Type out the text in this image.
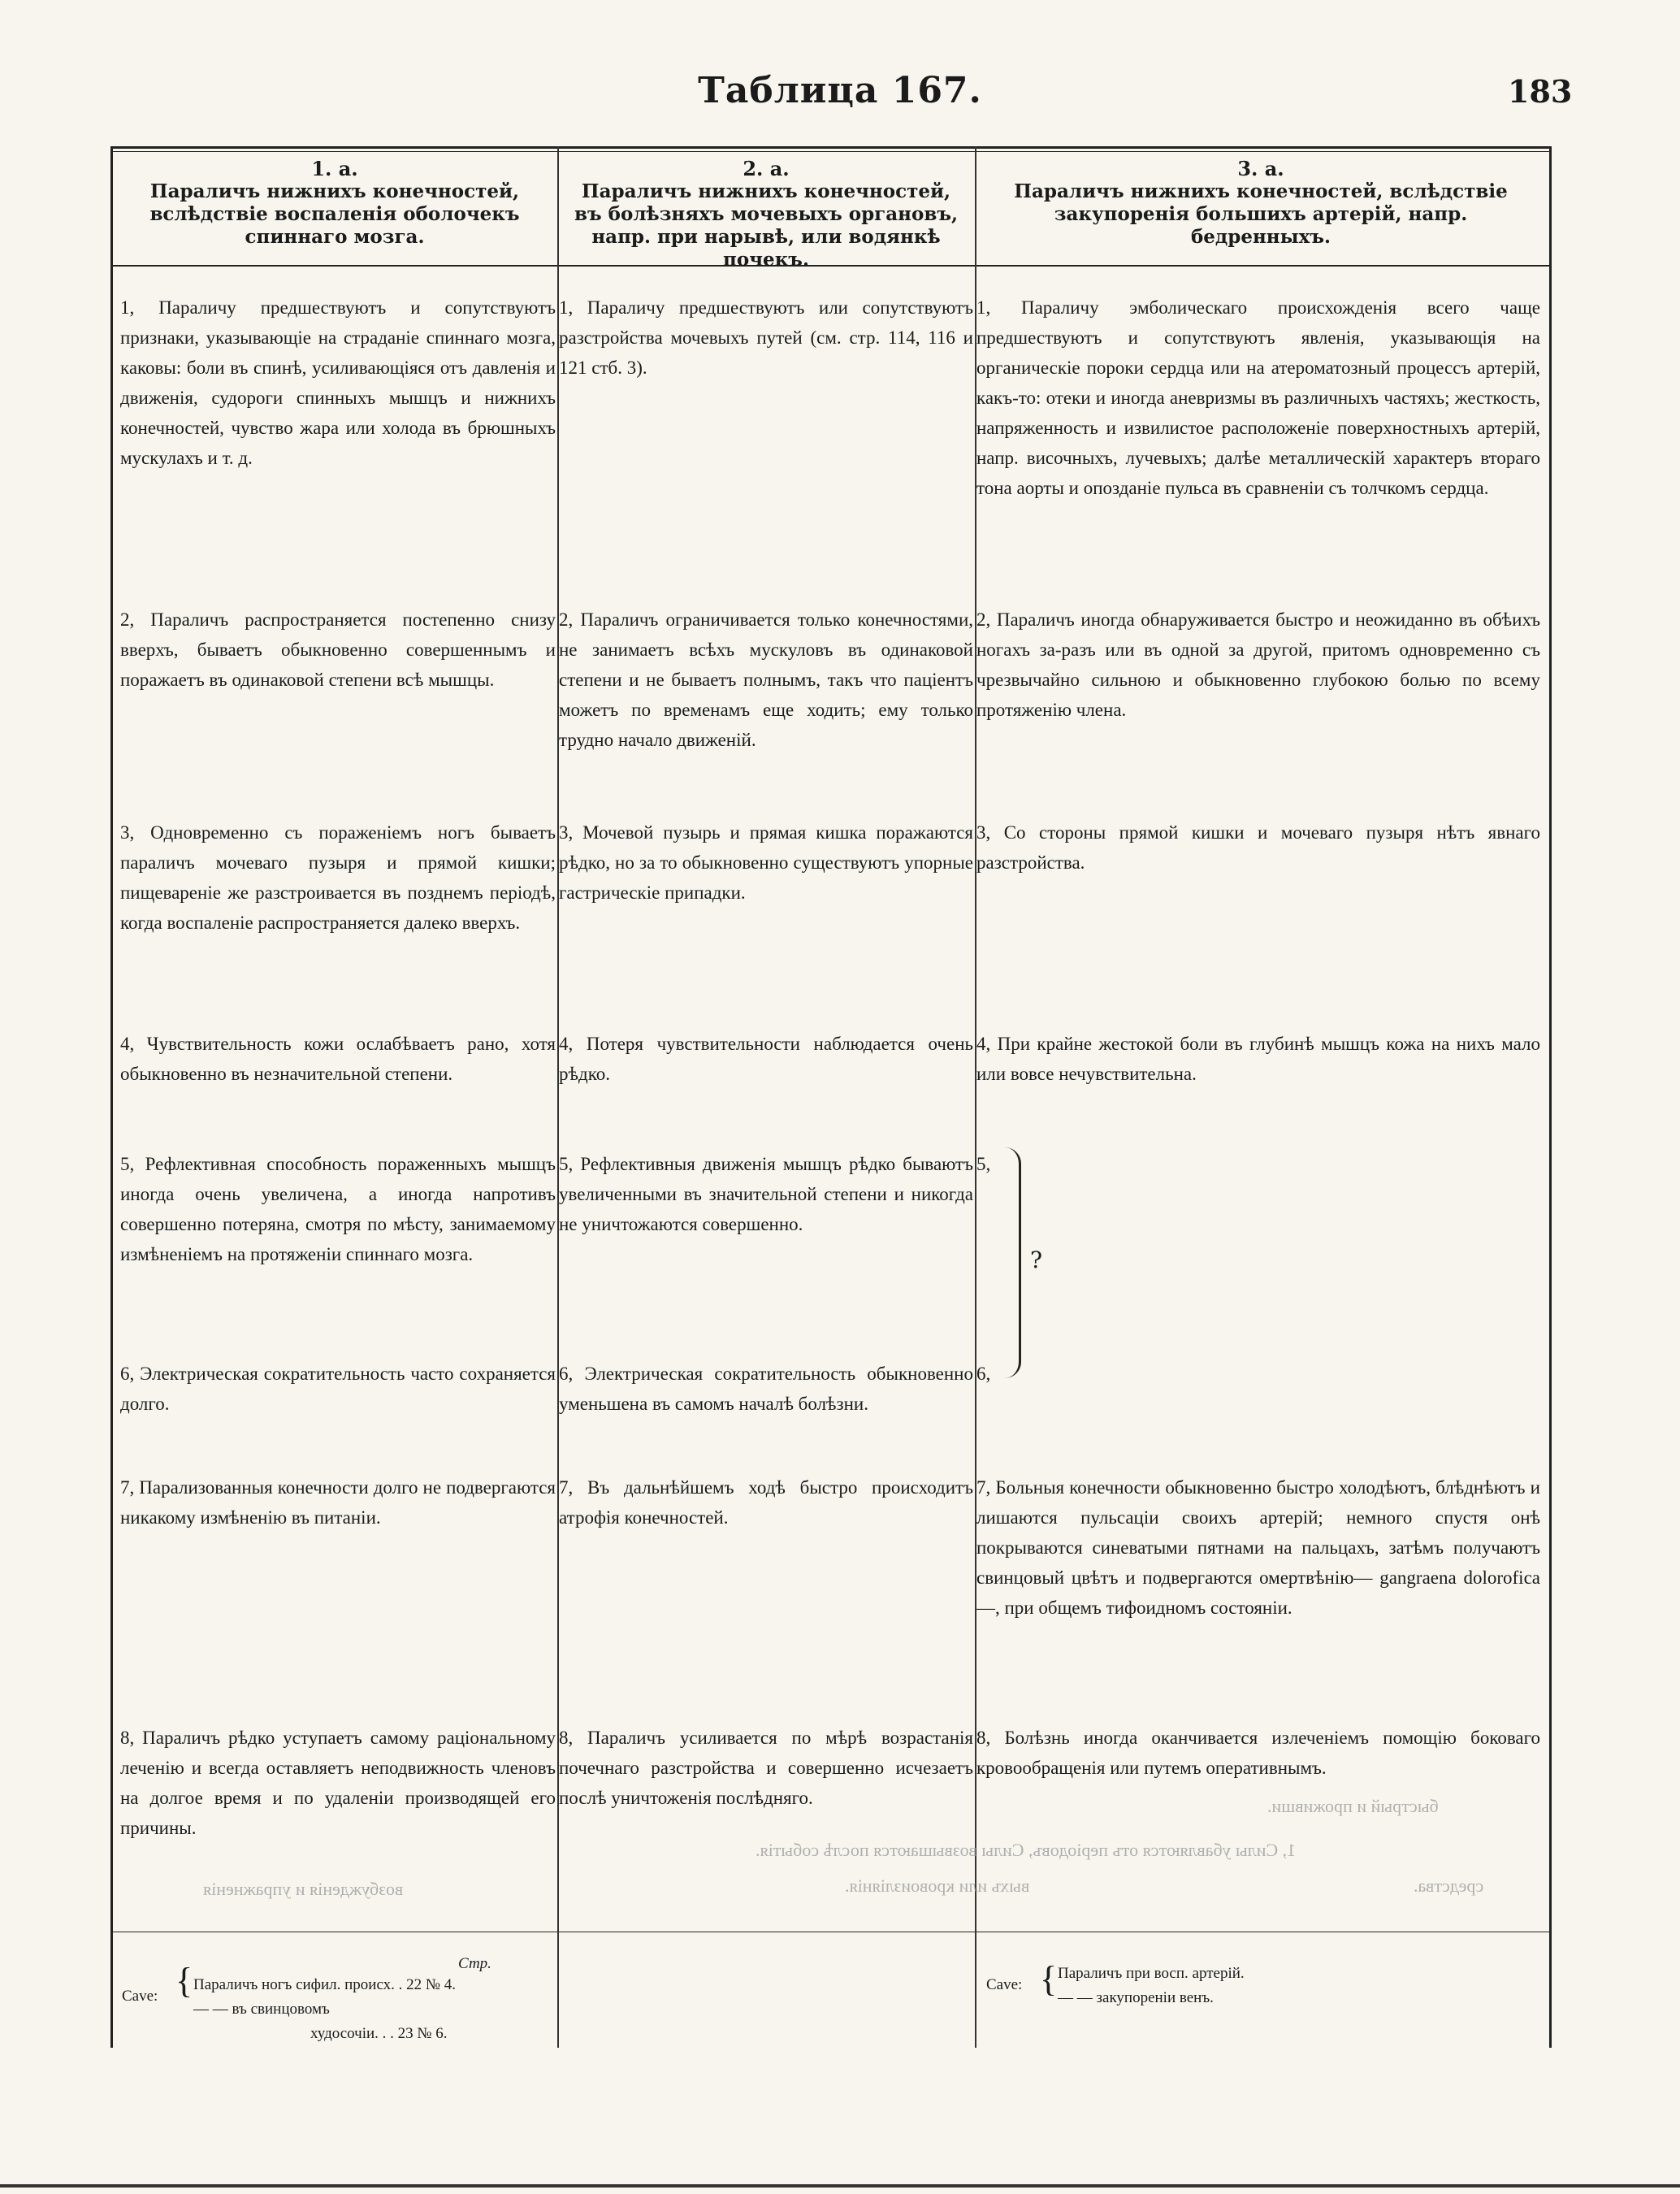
Таблица 167.	183
1. а.
Параличъ нижнихъ конечностей, вслѣдствіе воспаленія оболочекъ спиннаго мозга.
2. а.
Параличъ нижнихъ конечностей, въ болѣзняхъ мочевыхъ органовъ, напр. при нарывѣ, или водянкѣ почекъ.
3. а.
Параличъ нижнихъ конечностей, вслѣдствіе закупоренія большихъ артерій, напр. бедренныхъ.
1, Параличу предшествуютъ и сопутствуютъ признаки, указывающіе на страданіе спиннаго мозга, каковы: боли въ спинѣ, усиливающіяся отъ давленія и движенія, судороги спинныхъ мышцъ и нижнихъ конечностей, чувство жара или холода въ брюшныхъ мускулахъ и т. д.
2, Параличъ распространяется постепенно снизу вверхъ, бываетъ обыкновенно совершеннымъ и поражаетъ въ одинаковой степени всѣ мышцы.
3, Одновременно съ пораженіемъ ногъ бываетъ параличъ мочеваго пузыря и прямой кишки; пищевареніе же разстроивается въ позднемъ періодѣ, когда воспаленіе распространяется далеко вверхъ.
4, Чувствительность кожи ослабѣваетъ рано, хотя обыкновенно въ незначительной степени.
5, Рефлективная способность пораженныхъ мышцъ иногда очень увеличена, а иногда напротивъ совершенно потеряна, смотря по мѣсту, занимаемому измѣненіемъ на протяженіи спиннаго мозга.
6, Электрическая сократительность часто сохраняется долго.
7, Парализованныя конечности долго не подвергаются никакому измѣненію въ питаніи.
8, Параличъ рѣдко уступаетъ самому раціональному леченію и всегда оставляетъ неподвижность членовъ на долгое время и по удаленіи производящей его причины.
1, Параличу предшествуютъ или сопутствуютъ разстройства мочевыхъ путей (см. стр. 114, 116 и 121 стб. 3).
2, Параличъ ограничивается только конечностями, не занимаетъ всѣхъ мускуловъ въ одинаковой степени и не бываетъ полнымъ, такъ что паціентъ можетъ по временамъ еще ходить; ему только трудно начало движеній.
3, Мочевой пузырь и прямая кишка поражаются рѣдко, но за то обыкновенно существуютъ упорные гастрическіе припадки.
4, Потеря чувствительности наблюдается очень рѣдко.
5, Рефлективныя движенія мышцъ рѣдко бываютъ увеличенными въ значительной степени и никогда не уничтожаются совершенно.
6, Электрическая сократительность обыкновенно уменьшена въ самомъ началѣ болѣзни.
7, Въ дальнѣйшемъ ходѣ быстро происходитъ атрофія конечностей.
8, Параличъ усиливается по мѣрѣ возрастанія почечнаго разстройства и совершенно исчезаетъ послѣ уничтоженія послѣдняго.
1, Параличу эмболическаго происхожденія всего чаще предшествуютъ и сопутствуютъ явленія, указывающія на органическіе пороки сердца или на атероматозный процессъ артерій, какъ-то: отеки и иногда аневризмы въ различныхъ частяхъ; жесткость, напряженность и извилистое расположеніе поверхностныхъ артерій, напр. височныхъ, лучевыхъ; далѣе металлическій характеръ втораго тона аорты и опозданіе пульса въ сравненіи съ толчкомъ сердца.
2, Параличъ иногда обнаруживается быстро и неожиданно въ обѣихъ ногахъ за-разъ или въ одной за другой, притомъ одновременно съ чрезвычайно сильною и обыкновенно глубокою болью по всему протяженію члена.
3, Со стороны прямой кишки и мочеваго пузыря нѣтъ явнаго разстройства.
4, При крайне жестокой боли въ глубинѣ мышцъ кожа на нихъ мало или вовсе нечувствительна.
5,
6,
?
7, Больныя конечности обыкновенно быстро холодѣютъ, блѣднѣютъ и лишаются пульсаціи своихъ артерій; немного спустя онѣ покрываются синеватыми пятнами на пальцахъ, затѣмъ получаютъ свинцовый цвѣтъ и подвергаются омертвѣнію— gangraena dolorofica—, при общемъ тифоидномъ состояніи.
8, Болѣзнь иногда оканчивается излеченіемъ помощію боковаго кровообращенія или путемъ оперативнымъ.
быстрый и проживши.
1, Силы убавляются отъ періодовъ, Силы возвышаются послѣ событія.
средства.
выхъ или кровоизліянія.
возбужденія и упражненія
Стр.
Cave: { Параличъ ногъ сифил. происх. . 22 № 4.
— — въ свинцовомъ
худосочіи. . . 23 № 6.
Cave: { Параличъ при восп. артерій.
— — закупореніи венъ.
